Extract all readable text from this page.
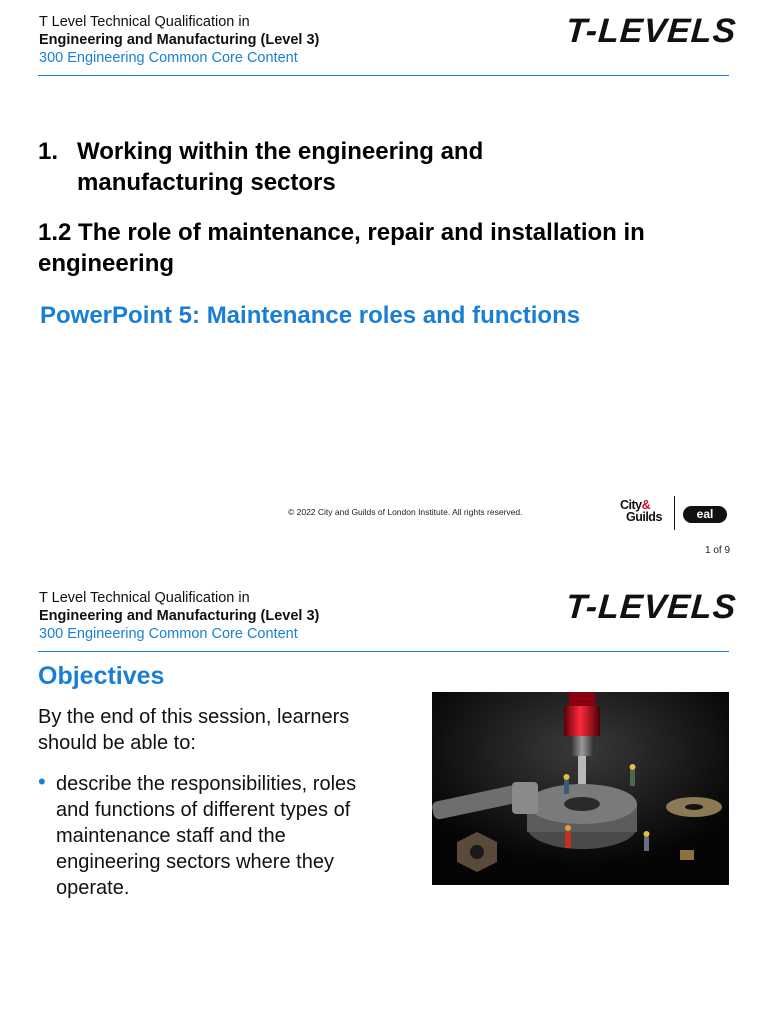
T Level Technical Qualification in
Engineering and Manufacturing (Level 3)
300 Engineering Common Core Content
T-LEVELS
1. Working within the engineering and manufacturing sectors
1.2 The role of maintenance, repair and installation in engineering
PowerPoint 5: Maintenance roles and functions
© 2022 City and Guilds of London Institute. All rights reserved.	City&
Guilds	eal
1 of 9
T Level Technical Qualification in
Engineering and Manufacturing (Level 3)
300 Engineering Common Core Content
T-LEVELS
Objectives
By the end of this session, learners should be able to:
• describe the responsibilities, roles and functions of different types of maintenance staff and the engineering sectors where they operate.
